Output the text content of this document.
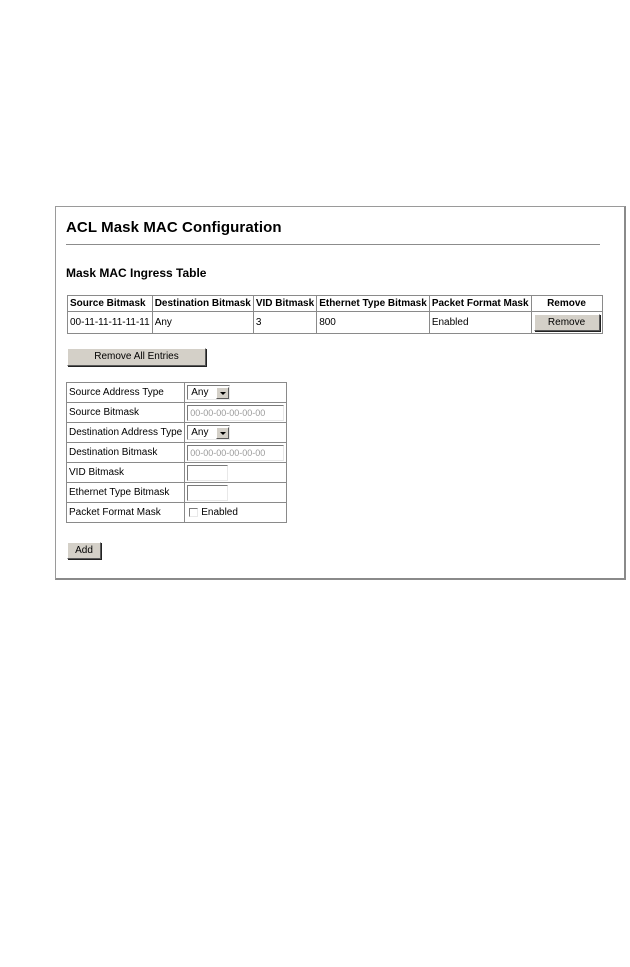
ACL Mask MAC Configuration
Mask MAC Ingress Table
Source Bitmask	Destination Bitmask	VID Bitmask	Ethernet Type Bitmask	Packet Format Mask	Remove
00-11-11-11-11-11	Any	3	800	Enabled	Remove
Remove All Entries
Source Address Type	Any

Source Bitmask	00-00-00-00-00-00
Destination Address Type	Any

Destination Bitmask	00-00-00-00-00-00
VID Bitmask	
Ethernet Type Bitmask	
Packet Format Mask	Enabled
Add
